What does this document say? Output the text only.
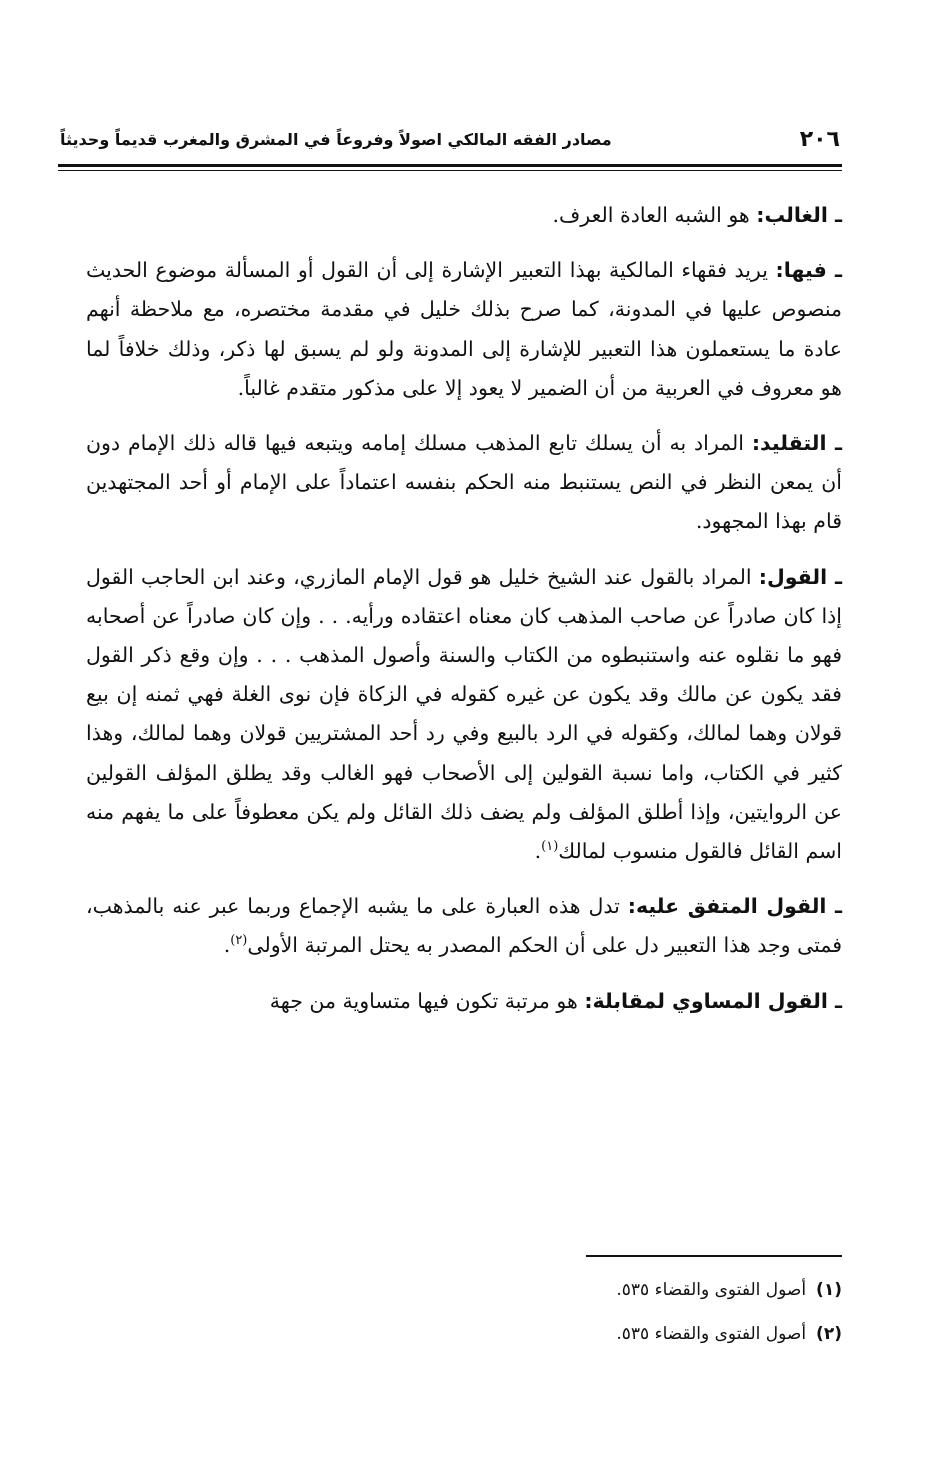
٢٠٦
مصادر الفقه المالكي اصولاً وفروعاً في المشرق والمغرب قديماً وحديثاً

ـ الغالب: هو الشبه العادة العرف.

ـ فيها: يريد فقهاء المالكية بهذا التعبير الإشارة إلى أن القول أو المسألة موضوع الحديث منصوص عليها في المدونة، كما صرح بذلك خليل في مقدمة مختصره، مع ملاحظة أنهم عادة ما يستعملون هذا التعبير للإشارة إلى المدونة ولو لم يسبق لها ذكر، وذلك خلافاً لما هو معروف في العربية من أن الضمير لا يعود إلا على مذكور متقدم غالباً.

ـ التقليد: المراد به أن يسلك تابع المذهب مسلك إمامه ويتبعه فيها قاله ذلك الإمام دون أن يمعن النظر في النص يستنبط منه الحكم بنفسه اعتماداً على الإمام أو أحد المجتهدين قام بهذا المجهود.

ـ القول: المراد بالقول عند الشيخ خليل هو قول الإمام المازري، وعند ابن الحاجب القول إذا كان صادراً عن صاحب المذهب كان معناه اعتقاده ورأيه. . . وإن كان صادراً عن أصحابه فهو ما نقلوه عنه واستنبطوه من الكتاب والسنة وأصول المذهب . . . وإن وقع ذكر القول فقد يكون عن مالك وقد يكون عن غيره كقوله في الزكاة فإن نوى الغلة فهي ثمنه إن بيع قولان وهما لمالك، وكقوله في الرد بالبيع وفي رد أحد المشتريين قولان وهما لمالك، وهذا كثير في الكتاب، واما نسبة القولين إلى الأصحاب فهو الغالب وقد يطلق المؤلف القولين عن الروايتين، وإذا أطلق المؤلف ولم يضف ذلك القائل ولم يكن معطوفاً على ما يفهم منه اسم القائل فالقول منسوب لمالك$^{(١)}$.

ـ القول المتفق عليه: تدل هذه العبارة على ما يشبه الإجماع وربما عبر عنه بالمذهب، فمتى وجد هذا التعبير دل على أن الحكم المصدر به يحتل المرتبة الأولى$^{(٢)}$.

ـ القول المساوي لمقابلة: هو مرتبة تكون فيها متساوية من جهة

(١)أصول الفتوى والقضاء ٥٣٥.
(٢)أصول الفتوى والقضاء ٥٣٥.
